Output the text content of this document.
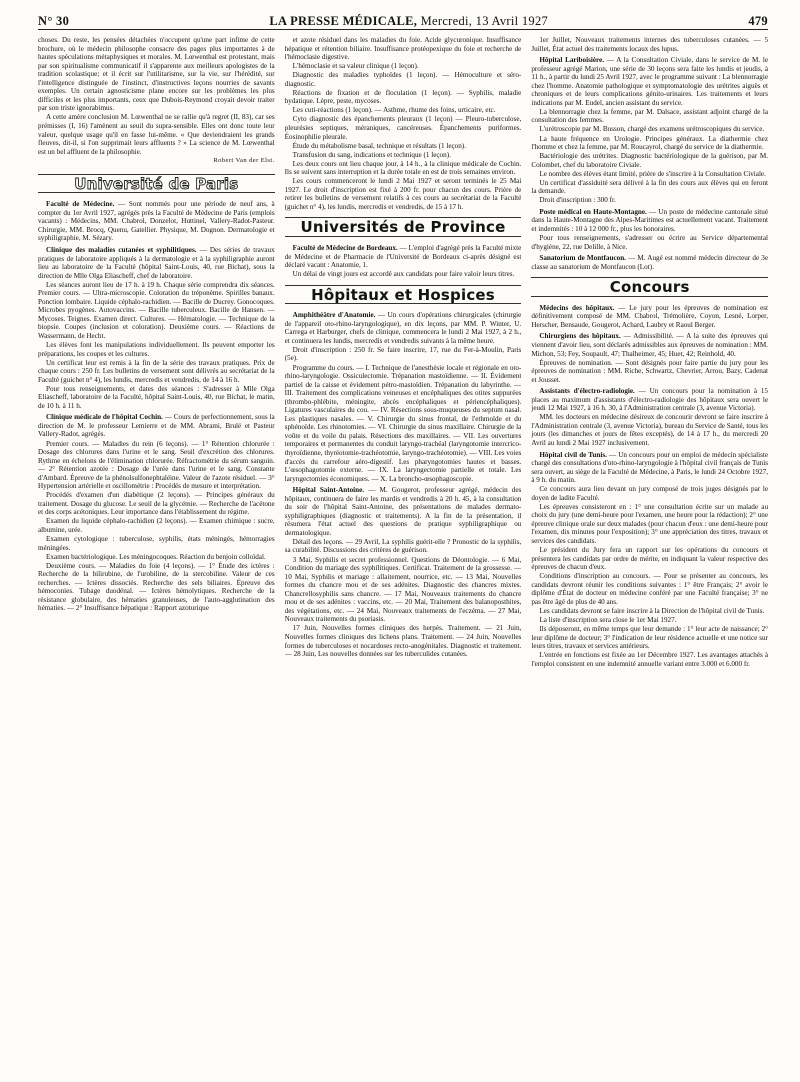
N° 30	LA PRESSE MÉDICALE, Mercredi, 13 Avril 1927	479

choses. Du reste, les pensées détachées n'occupent qu'une part infime de cette brochure, où le médecin philosophe consacre des pages plus importantes à de hautes spéculations métaphysiques et morales. M. Lœwenthal est protestant, mais par son spiritualisme communicatif il s'apparente aux meilleurs apologistes de la tradition scolastique; et il écrit sur l'utilitarisme, sur la vie, sur l'hérédité, sur l'intelligence distinguée de l'instinct, d'instructives leçons nourries de savants exemples. Un certain agnosticisme plane encore sur les problèmes les plus difficiles et les plus importants, ceux que Dubois-Reymond croyait devoir traiter par son triste ignorabimus.

A cette amère conclusion M. Lœwenthal ne se rallie qu'à regret (II, 83), car ses prémisses (I, 16) l'amènent au seuil du supra-sensible. Elles ont donc toute leur valeur, quelque usage qu'il en fasse lui-même. « Que deviendraient les grands fleuves, dit-il, si l'on supprimait leurs affluents ? » La science de M. Lœwenthal est un bel affluent de la philosophie.

Robert Van der Elst.
Université de Paris

Faculté de Médecine. — Sont nommés pour une période de neuf ans, à compter du 1er Avril 1927, agrégés près la Faculté de Médecine de Paris (emplois vacants) : Médecins, MM. Chabrol, Donzelot, Huttinel, Vallery-Radot-Pasteur. Chirurgie, MM. Brocq, Quenu, Gatellier. Physique, M. Dognon. Dermatologie et syphiligraphie, M. Sézary.

Clinique des maladies cutanées et syphilitiques. — Des séries de travaux pratiques de laboratoire appliqués à la dermatologie et à la syphiligraphie auront lieu au laboratoire de la Faculté (hôpital Saint-Louis, 40, rue Bichat), sous la direction de Mlle Olga Eliascheff, chef de laboratoire.

Les séances auront lieu de 17 h. à 19 h. Chaque série comprendra dix séances. Premier cours. — Ultra-microscopie. Coloration du tréponème. Spirilles banaux. Ponction lombaire. Liquide céphalo-rachidien. — Bacille de Ducrey. Gonocoques. Microbes pyogènes. Autovaccins. — Bacille tuberculeux. Bacille de Hansen. — Mycoses. Teignes. Examen direct. Cultures. — Hématologie. — Technique de la biopsie. Coupes (inclusion et coloration). Deuxième cours. — Réactions de Wassermann, de Hecht.

Les élèves font les manipulations individuellement. Ils peuvent emporter les préparations, les coupes et les cultures.

Un certificat leur est remis à la fin de la série des travaux pratiques. Prix de chaque cours : 250 fr. Les bulletins de versement sont délivrés au secrétariat de la Faculté (guichet n° 4), les lundis, mercredis et vendredis, de 14 à 16 h.

Pour tous renseignements, et dates des séances : S'adresser à Mlle Olga Eliascheff, laboratoire de la Faculté, hôpital Saint-Louis, 40, rue Bichat, le matin, de 10 h. à 11 h.

Clinique médicale de l'hôpital Cochin. — Cours de perfectionnement, sous la direction de M. le professeur Lemierre et de MM. Abrami, Brulé et Pasteur Vallery-Radot, agrégés.

Premier cours. — Maladies du rein (6 leçons). — 1° Rétention chlorurée : Dosage des chlorures dans l'urine et le sang. Seuil d'excrétion des chlorures. Rythme en échelons de l'élimination chlorurée. Réfractométrie du sérum sanguin. — 2° Rétention azotée : Dosage de l'urée dans l'urine et le sang. Constante d'Ambard. Épreuve de la phénolsulfonephtaléine. Valeur de l'azote résiduel. — 3° Hypertension artérielle et oscillométrie : Procédés de mesure et interprétation.

Procédés d'examen d'un diabétique (2 leçons). — Principes généraux du traitement. Dosage du glucose. Le seuil de la glycémie. — Recherche de l'acétone et des corps acétoniques. Leur importance dans l'établissement du régime.

Examen du liquide céphalo-rachidien (2 leçons). — Examen chimique : sucre, albumine, urée.

Examen cytologique : tuberculose, syphilis, états méningés, hémorragies méningées.

Examen bactériologique. Les méningocoques. Réaction du benjoin colloïdal.

Deuxième cours. — Maladies du foie (4 leçons). — 1° Étude des ictères : Recherche de la bilirubine, de l'urobiline, de la stercobiline. Valeur de ces recherches. — Ictères dissociés. Recherche des sels biliaires. Épreuve des hémoconies. Tubage duodénal. — Ictères hémolytiques. Recherche de la résistance globulaire, des hématies granuleuses, de l'auto-agglutination des hématies. — 2° Insuffisance hépatique : Rapport azoturique

et azote résiduel dans les maladies du foie. Acide glycuronique. Insuffisance hépatique et rétention biliaire. Insuffisance protéopexique du foie et recherche de l'hémoclasie digestive.

L'hémoclasie et sa valeur clinique (1 leçon).

Diagnostic des maladies typhoïdes (1 leçon). — Hémoculture et séro-diagnostic.

Réactions de fixation et de floculation (1 leçon). — Syphilis, maladie hydatique. Lèpre, peste, mycoses.

Les cuti-réactions (1 leçon). — Asthme, rhume des foins, urticaire, etc.

Cyto diagnostic des épanchements pleuraux (1 leçon) — Pleuro-tuberculose, pleurésies septiques, méraniques, cancéreuses. Épanchements puriformes. Éosinophilie pleurale.

Étude du métabolisme basal, technique et résultats (1 leçon).

Transfusion du sang, indications et technique (1 leçon).

Les deux cours ont lieu chaque jour, à 14 h., à la clinique médicale de Cochin. Ils se suivent sans interruption et la durée totale en est de trois semaines environ.

Les cours commenceront le lundi 2 Mai 1927 et seront terminés le 25 Mai 1927. Le droit d'inscription est fixé à 200 fr. pour chacun des cours. Prière de retirer les bulletins de versement relatifs à ces cours au secrétariat de la Faculté (guichet n° 4), les lundis, mercredis et vendredis, de 15 à 17 h.

Universités de Province

Faculté de Médecine de Bordeaux. — L'emploi d'agrégé près la Faculté mixte de Médecine et de Pharmacie de l'Université de Bordeaux ci-après désigné est déclaré vacant : Anatomie, 1.

Un délai de vingt jours est accordé aux candidats pour faire valoir leurs titres.

Hôpitaux et Hospices

Amphithéâtre d'Anatomie. — Un cours d'opérations chirurgicales (chirurgie de l'appareil oto-rhino-laryngologique), en dix leçons, par MM. P. Winter, U. Carrega et Harburger, chefs de clinique, commencera le lundi 2 Mai 1927, à 2 h., et continuera les lundis, mercredis et vendredis suivants à la même heure.

Droit d'inscription : 250 fr. Se faire inscrire, 17, rue du Fer-à-Moulin, Paris (5e).

Programme du cours. — I. Technique de l'anesthésie locale et régionale en oto-rhino-laryngologie. Ossiculectomie. Trépanation mastoïdienne. — II. Évidement partiel de la caisse et évidement pétro-mastoïdien. Trépanation du labyrinthe. — III. Traitement des complications veineuses et encéphaliques des otites suppurées (thrombo-phlébite, méningite, abcès encéphaliques et périencéphaliques). Ligatures vasculaires du cou. — IV. Résections sous-muqueuses du septum nasal. Les plastiques nasales. — V. Chirurgie du sinus frontal, de l'ethmoïde et du sphénoïde. Les rhinotomies. — VI. Chirurgie du sinus maxillaire. Chirurgie de la voûte et du voile du palais. Résections des maxillaires. — VII. Les ouvertures temporaires et permanentes du conduit laryngo-trachéal (laryngotomie intercrico-thyroïdienne, thyréotomie-trachéotomie, laryngo-trachéotomie). — VIII. Les voies d'accès du carrefour aéro-digestif. Les pharyngotomies hautes et basses. L'œsophagotomie externe. — IX. La laryngectomie partielle et totale. Les laryngectomies économiques. — X. La broncho-œsophagoscopie.

Hôpital Saint-Antoine. — M. Gougerot, professeur agrégé, médecin des hôpitaux, continuera de faire les mardis et vendredis à 20 h. 45, à la consultation du soir de l'hôpital Saint-Antoine, des présentations de malades dermato-syphiligraphiques (diagnostic et traitements). A la fin de la présentation, il résumera l'état actuel des questions de pratique syphiligraphique ou dermatologique.

Détail des leçons. — 29 Avril, La syphilis guérit-elle ? Pronostic de la syphilis, sa curabilité. Discussions des critères de guérison.

3 Mai, Syphilis et secret professionnel. Questions de Déontologie. — 6 Mai, Condition du mariage des syphilitiques. Certificat. Traitement de la grossesse. — 10 Mai, Syphilis et mariage : allaitement, nourrice, etc. — 13 Mai, Nouvelles formes du chancre mou et de ses adénites. Diagnostic des chancres mixtes. Chancrellosyphilis sans chancre. — 17 Mai, Nouveaux traitements du chancre mou et de ses adénites : vaccins, etc. — 20 Mai, Traitement des balanoposthites, des végétations, etc. — 24 Mai, Nouveaux traitements de l'eczéma. — 27 Mai, Nouveaux traitements du psoriasis.

17 Juin, Nouvelles formes cliniques des herpès. Traitement. — 21 Juin, Nouvelles formes cliniques des lichens plans. Traitement. — 24 Juin, Nouvelles formes de tuberculoses et nocardoses recto-anogénitales. Diagnostic et traitement. — 28 Juin, Les nouvelles données sur les tuberculides cutanées.

1er Juillet, Nouveaux traitements internes des tuberculoses cutanées. — 5 Juillet, État actuel des traitements locaux des lupus.

Hôpital Lariboisière. — A la Consultation Civiale, dans le service de M. le professeur agrégé Marion, une série de 30 leçons sera faite les lundis et jeudis, à 11 h., à partir du lundi 25 Avril 1927, avec le programme suivant : La blennorragie chez l'homme. Anatomie pathologique et symptomatologie des urétrites aiguës et chroniques et de leurs complications génito-urinaires. Les traitements et leurs indications par M. Eudel, ancien assistant du service.

La blennorragie chez la femme, par M. Dalsace, assistant adjoint chargé de la consultation des femmes.

L'urétroscopie par M. Busson, chargé des examens urétroscopiques du service.

La haute fréquence en Urologie. Principes généraux. La diathermie chez l'homme et chez la femme, par M. Roucayrol, chargé du service de la diathermie.

Bactériologie des urétrites. Diagnostic bactériologique de la guérison, par M. Colombet, chef du laboratoire Civiale.

Le nombre des élèves étant limité, prière de s'inscrire à la Consultation Civiale.

Un certificat d'assiduité sera délivré à la fin des cours aux élèves qui en feront la demande.

Droit d'inscription : 300 fr.

Poste médical en Haute-Montagne. — Un poste de médecine cantonale situé dans la Haute-Montagne des Alpes-Maritimes est actuellement vacant. Traitement et indemnités : 10 à 12 000 fr., plus les honoraires.

Pour tous renseignements, s'adresser ou écrire au Service départemental d'hygiène, 22, rue Delille, à Nice.

Sanatorium de Montfaucon. — M. Augé est nommé médecin directeur de 3e classe au sanatorium de Montfaucon (Lot).

Concours

Médecins des hôpitaux. — Le jury pour les épreuves de nomination est définitivement composé de MM. Chabrol, Trémolière, Coyon, Lesné, Lorper, Herscher, Bensaude, Gougerot, Achard, Laubry et Raoul Berger.

Chirurgiens des hôpitaux. — Admissibilité. — A la suite des épreuves qui viennent d'avoir lieu, sont déclarés admissibles aux épreuves de nomination : MM. Michon, 53; Fey, Soupault, 47; Thalheimer, 45; Huet, 42; Reinhold, 40.

Épreuves de nomination. — Sont désignés pour faire partie du jury pour les épreuves de nomination : MM. Riche, Schwartz, Chevrier, Arrou, Bazy, Cadenat et Jousset.

Assistants d'électro-radiologie. — Un concours pour la nomination à 15 places au maximum d'assistants d'électro-radiologie des hôpitaux sera ouvert le jeudi 12 Mai 1927, à 16 h. 30, à l'Administration centrale (3, avenue Victoria).

MM. les docteurs en médecine désireux de concourir devront se faire inscrire à l'Administration centrale (3, avenue Victoria), bureau du Service de Santé, tous les jours (les dimanches et jours de fêtes exceptés), de 14 à 17 h., du mercredi 20 Avril au lundi 2 Mai 1927 inclusivement.

Hôpital civil de Tunis. — Un concours pour un emploi de médecin spécialiste chargé des consultations d'oto-rhino-laryngologie à l'hôpital civil français de Tunis sera ouvert, au siège de la Faculté de Médecine, à Paris, le lundi 24 Octobre 1927, à 9 h. du matin.

Ce concours aura lieu devant un jury composé de trois juges désignés par le doyen de ladite Faculté.

Les épreuves consisteront en : 1° une consultation écrite sur un malade au choix du jury (une demi-heure pour l'examen, une heure pour la rédaction); 2° une épreuve clinique orale sur deux malades (pour chacun d'eux : une demi-heure pour l'examen, dix minutes pour l'exposition); 3° une appréciation des titres, travaux et services des candidats.

Le président du Jury fera un rapport sur les opérations du concours et présentera les candidats par ordre de mérite, en indiquant la valeur respective des épreuves de chacun d'eux.

Conditions d'inscription au concours. — Pour se présenter au concours, les candidats devront réunir les conditions suivantes : 1° être Français; 2° avoir le diplôme d'État de docteur en médecine conféré par une Faculté française; 3° ne pas être âgé de plus de 40 ans.

Les candidats devront se faire inscrire à la Direction de l'hôpital civil de Tunis.

La liste d'inscription sera close le 1er Mai 1927.

Ils déposeront, en même temps que leur demande : 1° leur acte de naissance; 2° leur diplôme de docteur; 3° l'indication de leur résidence actuelle et une notice sur leurs titres, travaux et services antérieurs.

L'entrée en fonctions est fixée au 1er Décembre 1927. Les avantages attachés à l'emploi consistent en une indemnité annuelle variant entre 3.000 et 6.000 fr.
